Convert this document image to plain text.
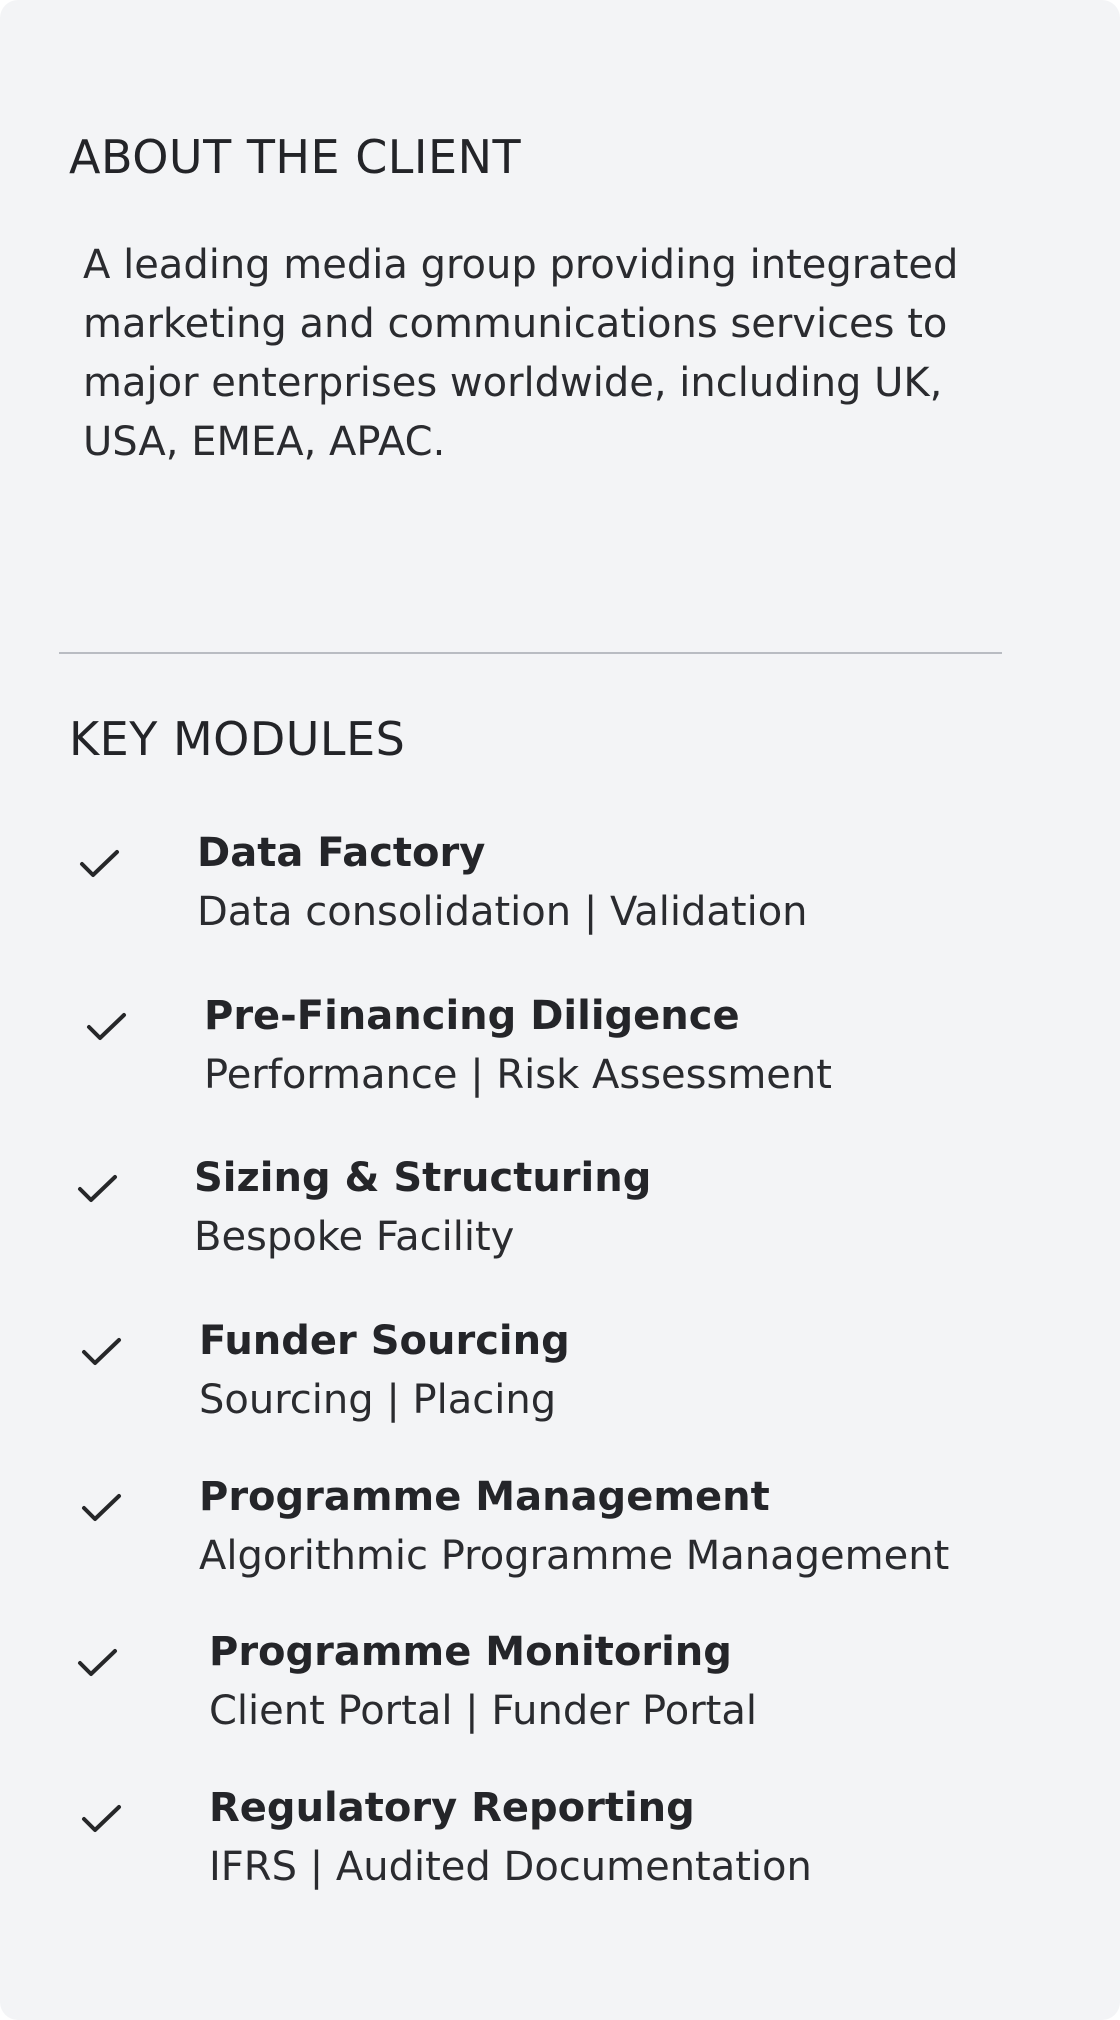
ABOUT THE CLIENT

A leading media group providing integrated marketing and communications services to major enterprises worldwide, including UK, USA, EMEA, APAC.

KEY MODULES
Data Factory
Data consolidation | Validation
Pre-Financing Diligence
Performance | Risk Assessment
Sizing & Structuring
Bespoke Facility
Funder Sourcing
Sourcing | Placing
Programme Management
Algorithmic Programme Management
Programme Monitoring
Client Portal | Funder Portal
Regulatory Reporting
IFRS | Audited Documentation
